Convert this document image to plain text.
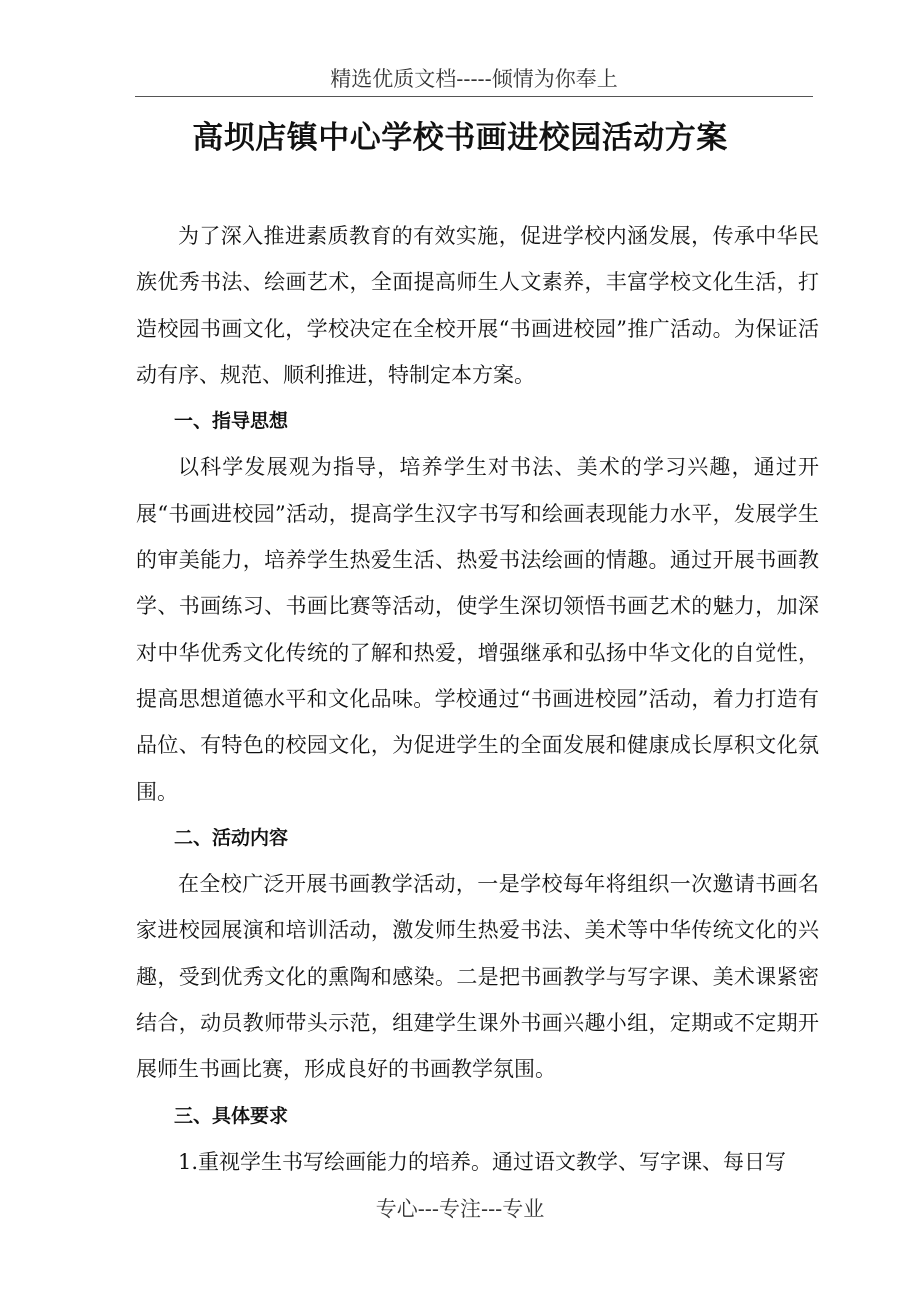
精选优质文档-----倾情为你奉上
高坝店镇中心学校书画进校园活动方案

为了深入推进素质教育的有效实施，促进学校内涵发展，传承中华民族优秀书法、绘画艺术，全面提高师生人文素养，丰富学校文化生活，打造校园书画文化，学校决定在全校开展“书画进校园”推广活动。为保证活动有序、规范、顺利推进，特制定本方案。

一、指导思想

以科学发展观为指导，培养学生对书法、美术的学习兴趣，通过开展“书画进校园”活动，提高学生汉字书写和绘画表现能力水平，发展学生的审美能力，培养学生热爱生活、热爱书法绘画的情趣。通过开展书画教学、书画练习、书画比赛等活动，使学生深切领悟书画艺术的魅力，加深对中华优秀文化传统的了解和热爱，增强继承和弘扬中华文化的自觉性，提高思想道德水平和文化品味。学校通过“书画进校园”活动，着力打造有品位、有特色的校园文化，为促进学生的全面发展和健康成长厚积文化氛围。

二、活动内容

在全校广泛开展书画教学活动，一是学校每年将组织一次邀请书画名家进校园展演和培训活动，激发师生热爱书法、美术等中华传统文化的兴趣，受到优秀文化的熏陶和感染。二是把书画教学与写字课、美术课紧密结合，动员教师带头示范，组建学生课外书画兴趣小组，定期或不定期开展师生书画比赛，形成良好的书画教学氛围。

三、具体要求

1.重视学生书写绘画能力的培养。通过语文教学、写字课、每日写

专心---专注---专业
